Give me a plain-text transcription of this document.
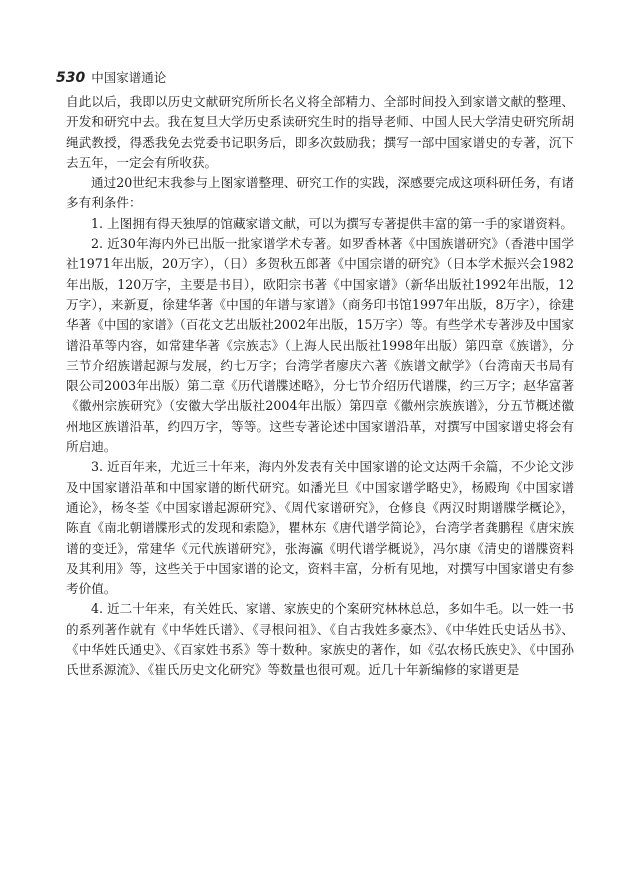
530 中国家谱通论

自此以后，我即以历史文献研究所所长名义将全部精力、全部时间投入到家谱文献的整理、开发和研究中去。我在复旦大学历史系读研究生时的指导老师、中国人民大学清史研究所胡绳武教授，得悉我免去党委书记职务后，即多次鼓励我；撰写一部中国家谱史的专著，沉下去五年，一定会有所收获。

通过20世纪末我参与上图家谱整理、研究工作的实践，深感要完成这项科研任务，有诸多有利条件：

1. 上图拥有得天独厚的馆藏家谱文献，可以为撰写专著提供丰富的第一手的家谱资料。

2. 近30年海内外已出版一批家谱学术专著。如罗香林著《中国族谱研究》（香港中国学社1971年出版，20万字），（日）多贺秋五郎著《中国宗谱的研究》（日本学术振兴会1982年出版，120万字，主要是书目），欧阳宗书著《中国家谱》（新华出版社1992年出版，12万字），来新夏，徐建华著《中国的年谱与家谱》（商务印书馆1997年出版，8万字），徐建华著《中国的家谱》（百花文艺出版社2002年出版，15万字）等。有些学术专著涉及中国家谱沿革等内容，如常建华著《宗族志》（上海人民出版社1998年出版）第四章《族谱》，分三节介绍族谱起源与发展，约七万字；台湾学者廖庆六著《族谱文献学》（台湾南天书局有限公司2003年出版）第二章《历代谱牒述略》，分七节介绍历代谱牒，约三万字；赵华富著《徽州宗族研究》（安徽大学出版社2004年出版）第四章《徽州宗族族谱》，分五节概述徽州地区族谱沿革，约四万字，等等。这些专著论述中国家谱沿革，对撰写中国家谱史将会有所启迪。

3. 近百年来，尤近三十年来，海内外发表有关中国家谱的论文达两千余篇，不少论文涉及中国家谱沿革和中国家谱的断代研究。如潘光旦《中国家谱学略史》，杨殿珣《中国家谱通论》，杨冬荃《中国家谱起源研究》、《周代家谱研究》，仓修良《两汉时期谱牒学概论》，陈直《南北朝谱牒形式的发现和索隐》，瞿林东《唐代谱学简论》，台湾学者龚鹏程《唐宋族谱的变迁》，常建华《元代族谱研究》，张海瀛《明代谱学概说》，冯尔康《清史的谱牒资料及其利用》等，这些关于中国家谱的论文，资料丰富，分析有见地，对撰写中国家谱史有参考价值。

4. 近二十年来，有关姓氏、家谱、家族史的个案研究林林总总，多如牛毛。以一姓一书的系列著作就有《中华姓氏谱》、《寻根问祖》、《自古我姓多豪杰》、《中华姓氏史话丛书》、《中华姓氏通史》、《百家姓书系》等十数种。家族史的著作，如《弘农杨氏族史》、《中国孙氏世系源流》、《崔氏历史文化研究》等数量也很可观。近几十年新编修的家谱更是
